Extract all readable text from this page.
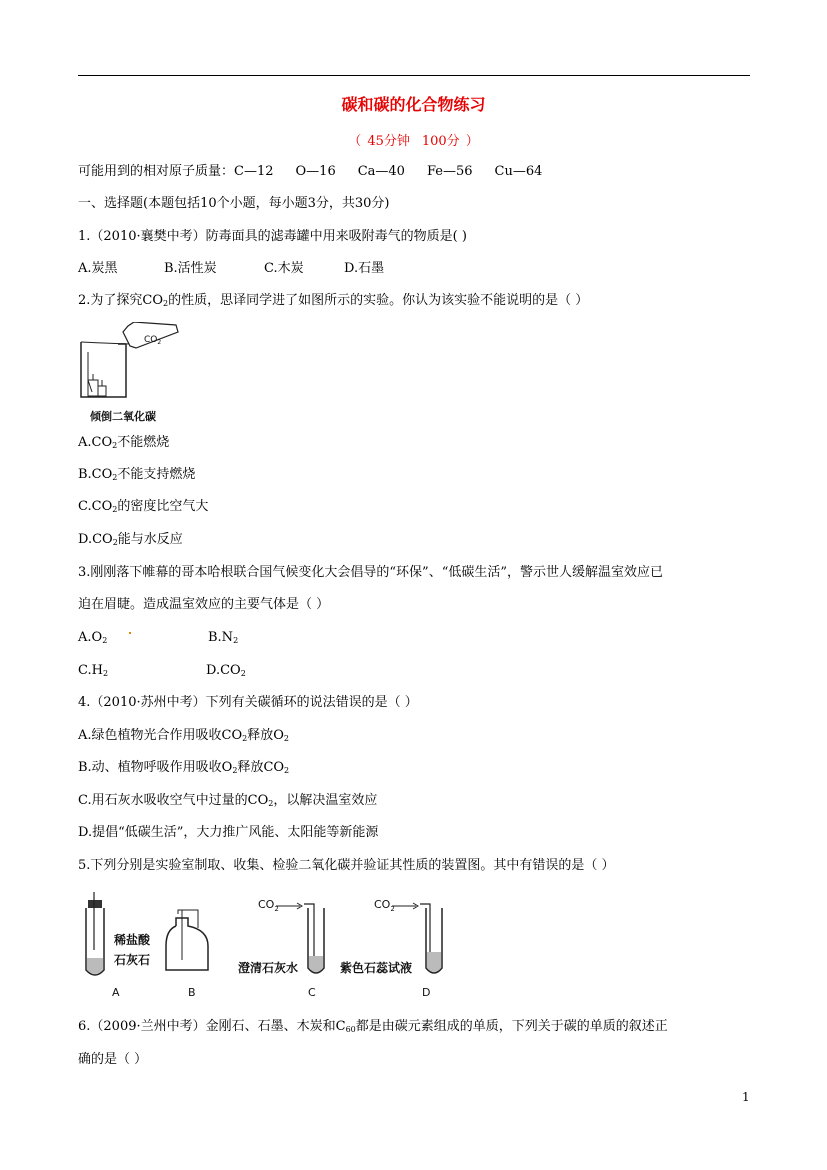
碳和碳的化合物练习
（ 45分钟 100分 ）
可能用到的相对原子质量：C—12 O—16 Ca—40 Fe—56 Cu—64
一、选择题(本题包括10个小题，每小题3分，共30分)
1.（2010·襄樊中考）防毒面具的滤毒罐中用来吸附毒气的物质是( )
A.炭黑	B.活性炭	C.木炭	D.石墨
2.为了探究$CO_2$的性质，思译同学进了如图所示的实验。你认为该实验不能说明的是（ ）
$CO_2$
倾倒二氧化碳
$A.CO_2$不能燃烧
$B.CO_2$不能支持燃烧
$C.CO_2$的密度比空气大
$D.CO_2$能与水反应
3.刚刚落下帷幕的哥本哈根联合国气候变化大会倡导的“环保”、“低碳生活”，警示世人缓解温室效应已
迫在眉睫。造成温室效应的主要气体是（ ）
$A.O_2$	$B.N_2$
$C.H_2$	$D.CO_2$
4.（2010·苏州中考）下列有关碳循环的说法错误的是（ ）
A.绿色植物光合作用吸收$CO_2$释放$O_2$
B.动、植物呼吸作用吸收$O_2$释放$CO_2$
C.用石灰水吸收空气中过量的$CO_2$，以解决温室效应
D.提倡“低碳生活”，大力推广风能、太阳能等新能源
5.下列分别是实验室制取、收集、检验二氧化碳并验证其性质的装置图。其中有错误的是（ ）
稀盐酸
石灰石
A	B
$CO_2$
澄清石灰水
C
$CO_2$
紫色石蕊试液
D
6.（2009·兰州中考）金刚石、石墨、木炭和$C_{60}$都是由碳元素组成的单质，下列关于碳的单质的叙述正
确的是（ ）
1
